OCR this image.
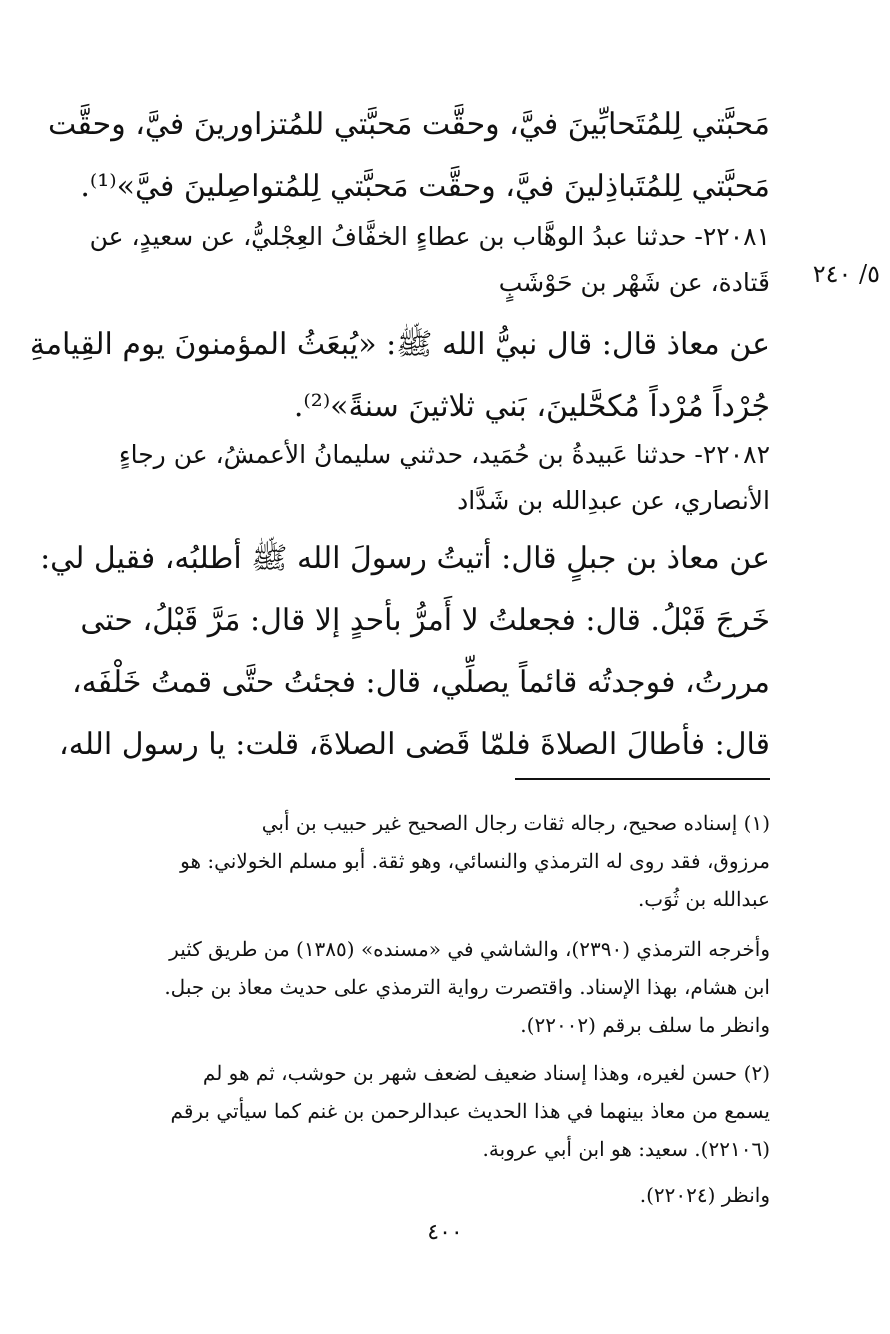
مَحبَّتي لِلمُتَحابِّينَ فيَّ، وحقَّت مَحبَّتي للمُتزاورينَ فيَّ، وحقَّت
مَحبَّتي لِلمُتَباذِلينَ فيَّ، وحقَّت مَحبَّتي لِلمُتواصِلينَ فيَّ»⁽¹⁾.
٢٢٠٨١- حدثنا عبدُ الوهَّاب بن عطاءٍ الخفَّافُ العِجْليُّ، عن سعيدٍ، عن
قَتادة، عن شَهْر بن حَوْشَبٍ	٥/ ٢٤٠
عن معاذ قال: قال نبيُّ الله ﷺ: «يُبعَثُ المؤمنونَ يوم القِيامةِ
جُرْداً مُرْداً مُكحَّلينَ، بَني ثلاثينَ سنةً»⁽²⁾.
٢٢٠٨٢- حدثنا عَبيدةُ بن حُمَيد، حدثني سليمانُ الأعمشُ، عن رجاءٍ
الأنصاري، عن عبدِالله بن شَدَّاد
عن معاذ بن جبلٍ قال: أتيتُ رسولَ الله ﷺ أطلبُه، فقيل لي:
خَرجَ قَبْلُ. قال: فجعلتُ لا أَمرُّ بأحدٍ إلا قال: مَرَّ قَبْلُ، حتى
مررتُ، فوجدتُه قائماً يصلِّي، قال: فجئتُ حتَّى قمتُ خَلْفَه،
قال: فأطالَ الصلاةَ فلمّا قَضى الصلاةَ، قلت: يا رسول الله،
(١) إسناده صحيح، رجاله ثقات رجال الصحيح غير حبيب بن أبي
مرزوق، فقد روى له الترمذي والنسائي، وهو ثقة. أبو مسلم الخولاني: هو
عبدالله بن ثُوَب.
وأخرجه الترمذي (٢٣٩٠)، والشاشي في «مسنده» (١٣٨٥) من طريق كثير
ابن هشام، بهذا الإسناد. واقتصرت رواية الترمذي على حديث معاذ بن جبل.
وانظر ما سلف برقم (٢٢٠٠٢).
(٢) حسن لغيره، وهذا إسناد ضعيف لضعف شهر بن حوشب، ثم هو لم
يسمع من معاذ بينهما في هذا الحديث عبدالرحمن بن غنم كما سيأتي برقم
(٢٢١٠٦). سعيد: هو ابن أبي عروبة.
وانظر (٢٢٠٢٤).
٤٠٠
